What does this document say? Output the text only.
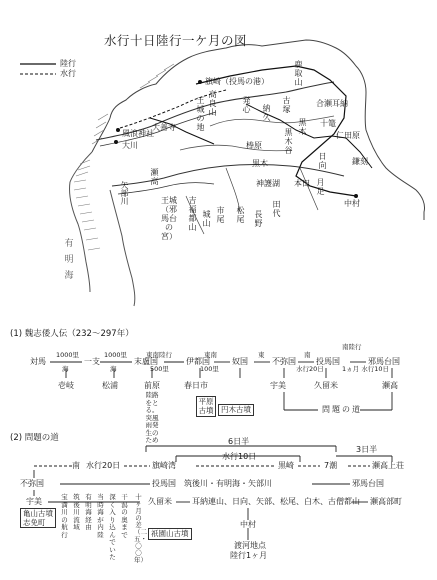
水行十日陸行一ケ月の図
陸行
水行
有明海
旗崎（投馬の港）
鹿取山
合瀬耳納
十篭
仁田原
古塚
納久
発心
高良山
王城の地
大善寺
風浪神社
大川
黒木谷
黒木
棒原
黒木
神護湖 本田
日向
月足
鎌刻
中村
瀬高
矢部川	吉福都山
王城（邪馬台の宮）
城山
市尾
松尾
長野
田代
(1) 魏志倭人伝（232～297年）
対馬	一支	末盧国	伊都国	奴国	不弥国	投馬国	邪馬台国
1000里
海
1000里
海
東南陸行
500里
東南
100里
東	南
水行20日
南陸行
1ヵ月 水行10日
壱岐	松浦	前原	春日市	宇美	久留米	瀬高
平原古墳	円木古墳	問題の道
陸路をとる。突風雨発生のため
(2) 問題の道	6日半
3日半
水行10日
南 水行20日	旗崎湾	黒崎	7潮	瀬高上荘
不弥国	投馬国　筑後川・有明海・矢部川	邪馬台国
宇美	久留米	耳納連山、日向、矢部、松尾、白木、古僧都山 瀬高部町
亀山古墳　志免町
祇園山古墳
中村
渡河地点
陸行1ヶ月
宝満川の航行
筑後川流域
有明海経由
当時海が内陸
深く入り込んでいた
干潟の奥まで
十ヶ月の差（二五・〇〇年）
